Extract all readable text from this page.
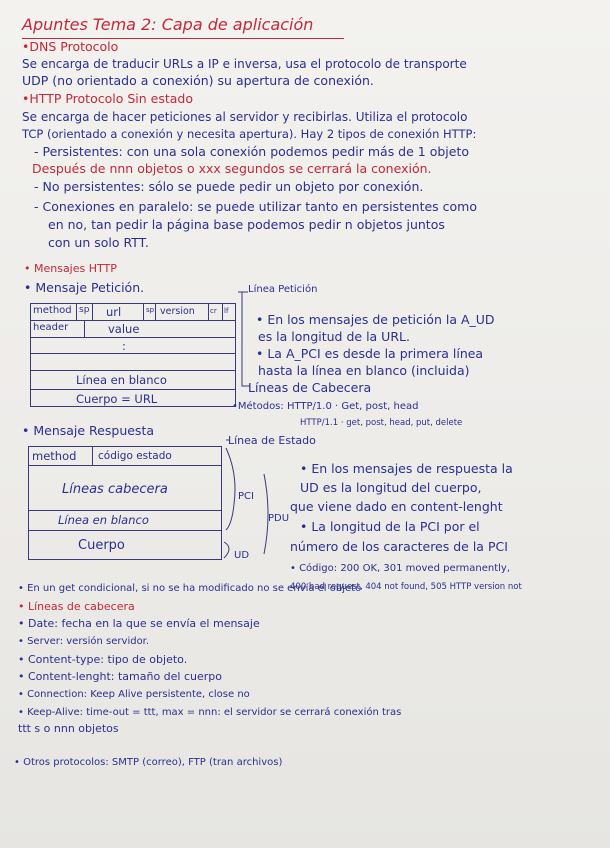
Apuntes Tema 2: Capa de aplicación
•DNS Protocolo
Se encarga de traducir URLs a IP e inversa, usa el protocolo de transporte
UDP (no orientado a conexión) su apertura de conexión.
•HTTP Protocolo Sin estado
Se encarga de hacer peticiones al servidor y recibirlas. Utiliza el protocolo
TCP (orientado a conexión y necesita apertura). Hay 2 tipos de conexión HTTP:
- Persistentes: con una sola conexión podemos pedir más de 1 objeto
Después de nnn objetos o xxx segundos se cerrará la conexión.
- No persistentes: sólo se puede pedir un objeto por conexión.
- Conexiones en paralelo: se puede utilizar tanto en persistentes como
en no, tan pedir la página base podemos pedir n objetos juntos
con un solo RTT.
• Mensajes HTTP
• Mensaje Petición.	Línea Petición
method sp url	sp version cr lf
header	value
:
Línea en blanco
Cuerpo = URL
• En los mensajes de petición la A_UD
es la longitud de la URL.
• La A_PCI es desde la primera línea
hasta la línea en blanco (incluida)
Líneas de Cabecera
•Métodos: HTTP/1.0 · Get, post, head
HTTP/1.1 · get, post, head, put, delete
• Mensaje Respuesta
Línea de Estado
method código estado
Líneas cabecera
Línea en blanco
Cuerpo
PCI
PDU
UD
• En los mensajes de respuesta la
UD es la longitud del cuerpo,
que viene dado en content-lenght
• La longitud de la PCI por el
número de los caracteres de la PCI
• Código: 200 OK, 301 moved permanently,
400 bad request, 404 not found, 505 HTTP version not
• En un get condicional, si no se ha modificado no se envía el objeto
• Líneas de cabecera
• Date: fecha en la que se envía el mensaje
• Server: versión servidor.
• Content-type: tipo de objeto.
• Content-lenght: tamaño del cuerpo
• Connection: Keep Alive persistente, close no
• Keep-Alive: time-out = ttt, max = nnn: el servidor se cerrará conexión tras
ttt s o nnn objetos
• Otros protocolos: SMTP (correo), FTP (tran archivos)
